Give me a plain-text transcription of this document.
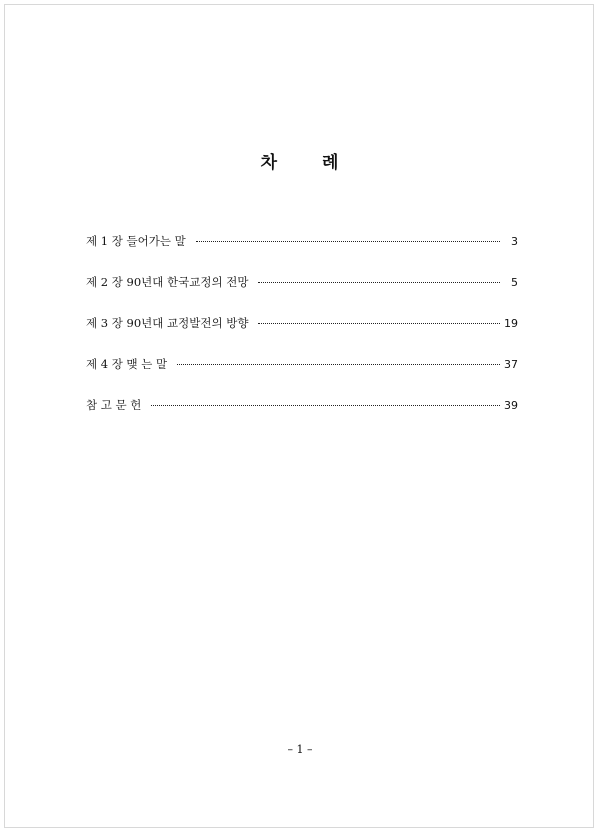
차	례
제 1 장 들어가는 말	3
제 2 장 90년대 한국교정의 전망	5
제 3 장 90년대 교정발전의 방향	19
제 4 장 맺 는 말	37
참 고 문 헌	39
– 1 –
